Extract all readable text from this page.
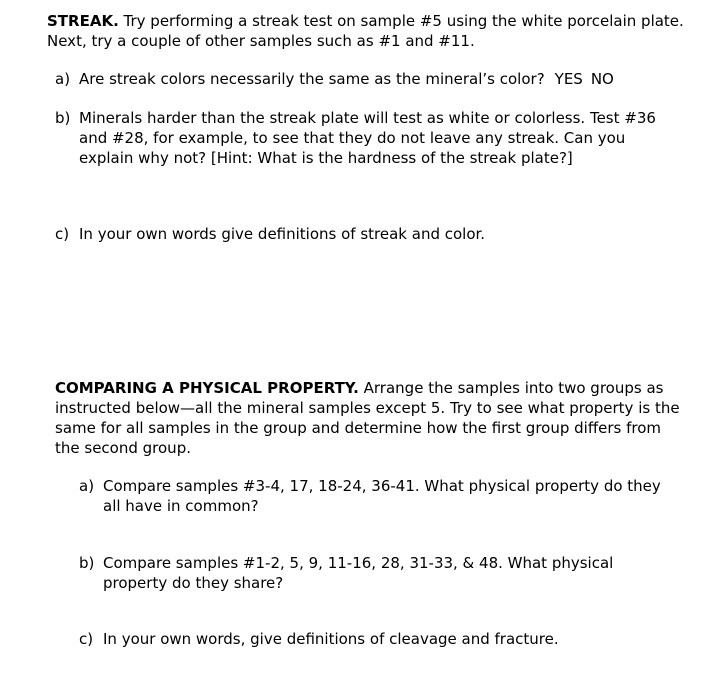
STREAK. Try performing a streak test on sample #5 using the white porcelain plate. Next, try a couple of other samples such as #1 and #11.

a) Are streak colors necessarily the same as the mineral’s color? YES NO
b) Minerals harder than the streak plate will test as white or colorless. Test #36 and #28, for example, to see that they do not leave any streak. Can you explain why not? [Hint: What is the hardness of the streak plate?]
c) In your own words give definitions of streak and color.

COMPARING A PHYSICAL PROPERTY. Arrange the samples into two groups as instructed below—all the mineral samples except 5. Try to see what property is the same for all samples in the group and determine how the first group differs from the second group.

a) Compare samples #3-4, 17, 18-24, 36-41. What physical property do they all have in common?
b) Compare samples #1-2, 5, 9, 11-16, 28, 31-33, & 48. What physical property do they share?
c) In your own words, give definitions of cleavage and fracture.
